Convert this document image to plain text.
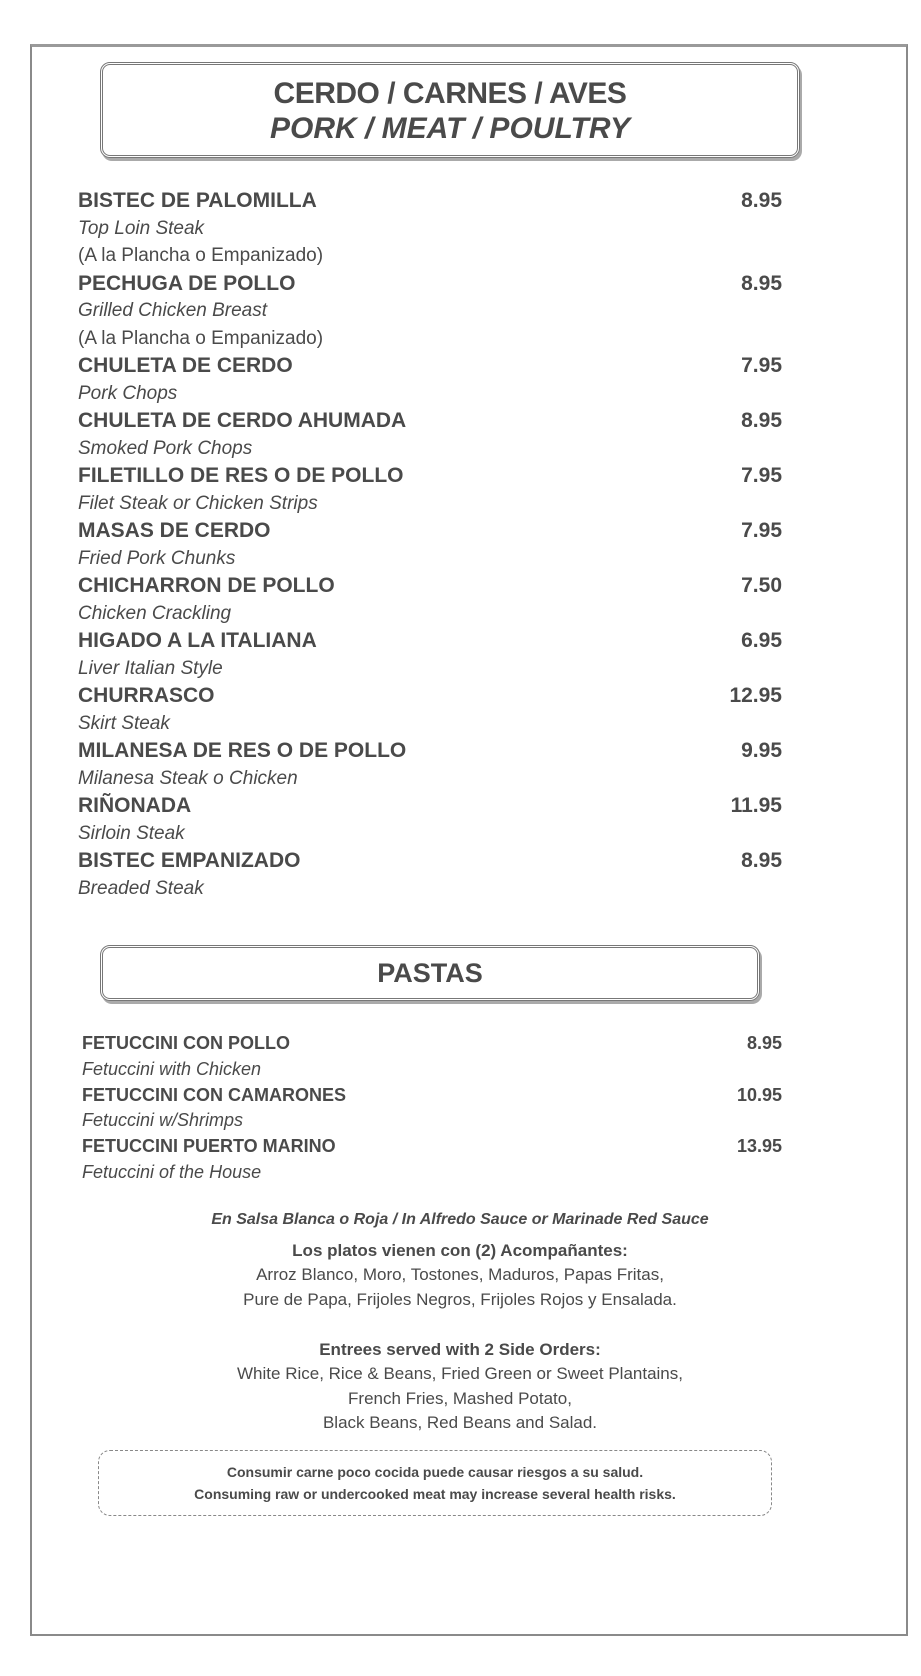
CERDO / CARNES / AVES
PORK / MEAT / POULTRY
BISTEC DE PALOMILLA	8.95
Top Loin Steak
(A la Plancha o Empanizado)
PECHUGA DE POLLO	8.95
Grilled Chicken Breast
(A la Plancha o Empanizado)
CHULETA DE CERDO	7.95
Pork Chops
CHULETA DE CERDO AHUMADA	8.95
Smoked Pork Chops
FILETILLO DE RES O DE POLLO	7.95
Filet Steak or Chicken Strips
MASAS DE CERDO	7.95
Fried Pork Chunks
CHICHARRON DE POLLO	7.50
Chicken Crackling
HIGADO A LA ITALIANA	6.95
Liver Italian Style
CHURRASCO	12.95
Skirt Steak
MILANESA DE RES O DE POLLO	9.95
Milanesa Steak o Chicken
RIÑONADA	11.95
Sirloin Steak
BISTEC EMPANIZADO	8.95
Breaded Steak
PASTAS
FETUCCINI CON POLLO	8.95
Fetuccini with Chicken
FETUCCINI CON CAMARONES	10.95
Fetuccini w/Shrimps
FETUCCINI PUERTO MARINO	13.95
Fetuccini of the House
En Salsa Blanca o Roja / In Alfredo Sauce or Marinade Red Sauce
Los platos vienen con (2) Acompañantes:
Arroz Blanco, Moro, Tostones, Maduros, Papas Fritas,
Pure de Papa, Frijoles Negros, Frijoles Rojos y Ensalada.
Entrees served with 2 Side Orders:
White Rice, Rice & Beans, Fried Green or Sweet Plantains,
French Fries, Mashed Potato,
Black Beans, Red Beans and Salad.
Consumir carne poco cocida puede causar riesgos a su salud.
Consuming raw or undercooked meat may increase several health risks.
